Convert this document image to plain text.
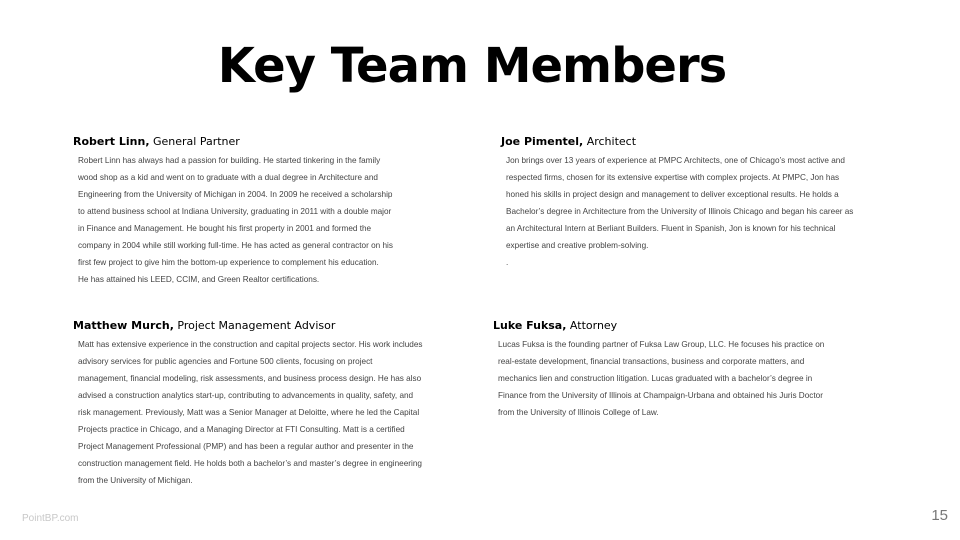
Key Team Members
Robert Linn, General Partner
Robert Linn has always had a passion for building. He started tinkering in the family
wood shop as a kid and went on to graduate with a dual degree in Architecture and
Engineering from the University of Michigan in 2004. In 2009 he received a scholarship
to attend business school at Indiana University, graduating in 2011 with a double major
in Finance and Management. He bought his first property in 2001 and formed the
company in 2004 while still working full-time. He has acted as general contractor on his
first few project to give him the bottom-up experience to complement his education.
He has attained his LEED, CCIM, and Green Realtor certifications.
Joe Pimentel, Architect
Jon brings over 13 years of experience at PMPC Architects, one of Chicago’s most active and
respected firms, chosen for its extensive expertise with complex projects. At PMPC, Jon has
honed his skills in project design and management to deliver exceptional results. He holds a
Bachelor’s degree in Architecture from the University of Illinois Chicago and began his career as
an Architectural Intern at Berliant Builders. Fluent in Spanish, Jon is known for his technical
expertise and creative problem-solving.
.
Matthew Murch, Project Management Advisor
Matt has extensive experience in the construction and capital projects sector. His work includes
advisory services for public agencies and Fortune 500 clients, focusing on project
management, financial modeling, risk assessments, and business process design. He has also
advised a construction analytics start-up, contributing to advancements in quality, safety, and
risk management. Previously, Matt was a Senior Manager at Deloitte, where he led the Capital
Projects practice in Chicago, and a Managing Director at FTI Consulting. Matt is a certified
Project Management Professional (PMP) and has been a regular author and presenter in the
construction management field. He holds both a bachelor’s and master’s degree in engineering
from the University of Michigan.
Luke Fuksa, Attorney
Lucas Fuksa is the founding partner of Fuksa Law Group, LLC. He focuses his practice on
real-estate development, financial transactions, business and corporate matters, and
mechanics lien and construction litigation. Lucas graduated with a bachelor’s degree in
Finance from the University of Illinois at Champaign-Urbana and obtained his Juris Doctor
from the University of Illinois College of Law.
PointBP.com	15
